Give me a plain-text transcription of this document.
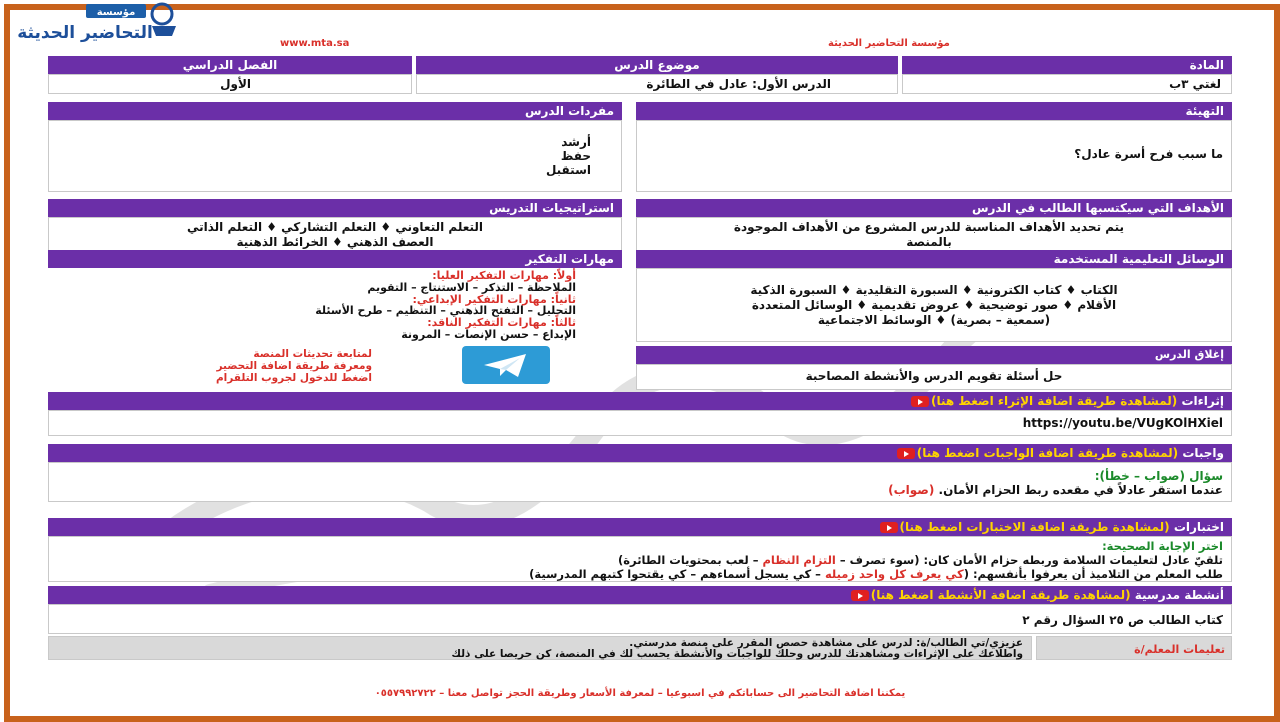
مؤسسة
التحاضير الحديثة
www.mta.sa	مؤسسة التحاضير الحديثة
المادة
موضوع الدرس
الفصل الدراسي
لغتي ٣ب
الدرس الأول: عادل في الطائرة
الأول
التهيئة
ما سبب فرح أسرة عادل؟
مفردات الدرس
أرشد
حفظ
استقبل
الأهداف التي سيكتسبها الطالب في الدرس
يتم تحديد الأهداف المناسبة للدرس المشروع من الأهداف الموجودة
بالمنصة
استراتيجيات التدريس
التعلم التعاوني ♦ التعلم التشاركي ♦ التعلم الذاتي
العصف الذهني ♦ الخرائط الذهنية
الوسائل التعليمية المستخدمة
الكتاب ♦ كتاب الكترونية ♦ السبورة التقليدية ♦ السبورة الذكية
الأقلام ♦ صور توضيحية ♦ عروض تقديمية ♦ الوسائل المتعددة
(سمعية – بصرية) ♦ الوسائط الاجتماعية
مهارات التفكير
أولاً: مهارات التفكير العليا:
الملاحظة – التذكر – الاستنتاج – التقويم
ثانياً: مهارات التفكير الإبداعي:
التحليل – التفتح الذهني – التنظيم – طرح الأسئلة
ثالثاً: مهارات التفكير الناقد:
الإبداع – حسن الإنصات – المرونة
إغلاق الدرس
حل أسئلة تقويم الدرس والأنشطة المصاحبة
لمتابعة تحديثات المنصة
ومعرفة طريقة اضافة التحضير
اضغط للدخول لجروب التلقرام
إثراءات (لمشاهدة طريقة اضافة الإثراء اضغط هنا)
https://youtu.be/VUgKOlHXiel
واجبات (لمشاهدة طريقة اضافة الواجبات اضغط هنا)
سؤال (صواب – خطأ):
عندما استقر عادلاً في مقعده ربط الحزام الأمان. (صواب)
اختبارات (لمشاهدة طريقة اضافة الاختبارات اضغط هنا)
اختر الإجابة الصحيحة:
تلقيّ عادل لتعليمات السلامة وربطه حزام الأمان كان: (سوء تصرف – التزام النظام – لعب بمحتويات الطائرة)
طلب المعلم من التلاميذ أن يعرفوا بأنفسهم: (كي يعرف كل واحد زميله – كي يسجل أسماءهم – كي يقتحوا كتبهم المدرسية)
أنشطة مدرسية (لمشاهدة طريقة اضافة الأنشطة اضغط هنا)
كتاب الطالب ص ٢٥ السؤال رقم ٢
تعليمات المعلم/ة
عزيزي/تي الطالب/ة: لدرس على مشاهدة حصص المقرر على منصة مدرستي.
واطلاعك على الإثراءات ومشاهدتك للدرس وحلك للواجبات والأنشطة يحسب لك في المنصة، كن حريصا على ذلك
يمكننا اضافة التحاضير الى حساباتكم في اسبوعيا – لمعرفة الأسعار وطريقة الحجز تواصل معنا – ٠٥٥٧٩٩٢٧٢٢
